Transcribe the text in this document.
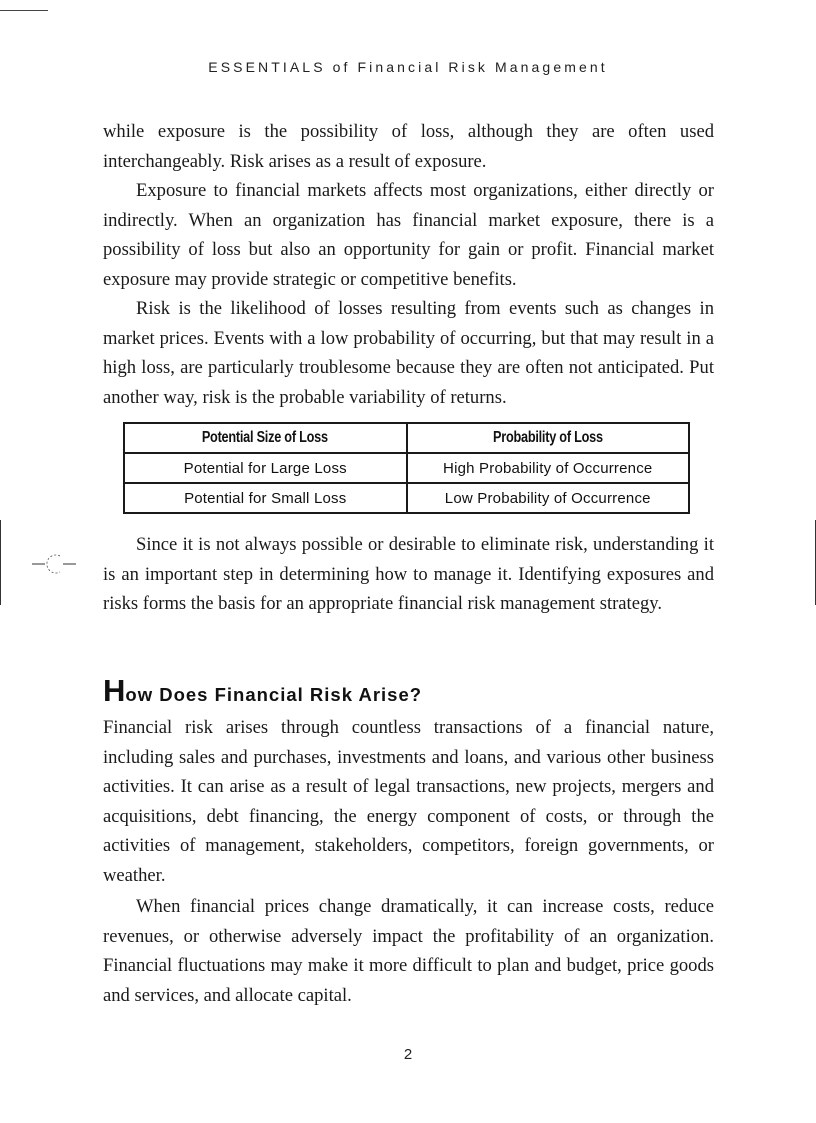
ESSENTIALS of Financial Risk Management

while exposure is the possibility of loss, although they are often used interchangeably. Risk arises as a result of exposure.

Exposure to financial markets affects most organizations, either directly or indirectly. When an organization has financial market exposure, there is a possibility of loss but also an opportunity for gain or profit. Financial market exposure may provide strategic or competitive benefits.

Risk is the likelihood of losses resulting from events such as changes in market prices. Events with a low probability of occurring, but that may result in a high loss, are particularly troublesome because they are often not anticipated. Put another way, risk is the probable variability of returns.

Potential Size of Loss	Probability of Loss
Potential for Large Loss	High Probability of Occurrence
Potential for Small Loss	Low Probability of Occurrence

Since it is not always possible or desirable to eliminate risk, understanding it is an important step in determining how to manage it. Identifying exposures and risks forms the basis for an appropriate financial risk management strategy.

How Does Financial Risk Arise?

Financial risk arises through countless transactions of a financial nature, including sales and purchases, investments and loans, and various other business activities. It can arise as a result of legal transactions, new projects, mergers and acquisitions, debt financing, the energy component of costs, or through the activities of management, stakeholders, competitors, foreign governments, or weather.

When financial prices change dramatically, it can increase costs, reduce revenues, or otherwise adversely impact the profitability of an organization. Financial fluctuations may make it more difficult to plan and budget, price goods and services, and allocate capital.

2
